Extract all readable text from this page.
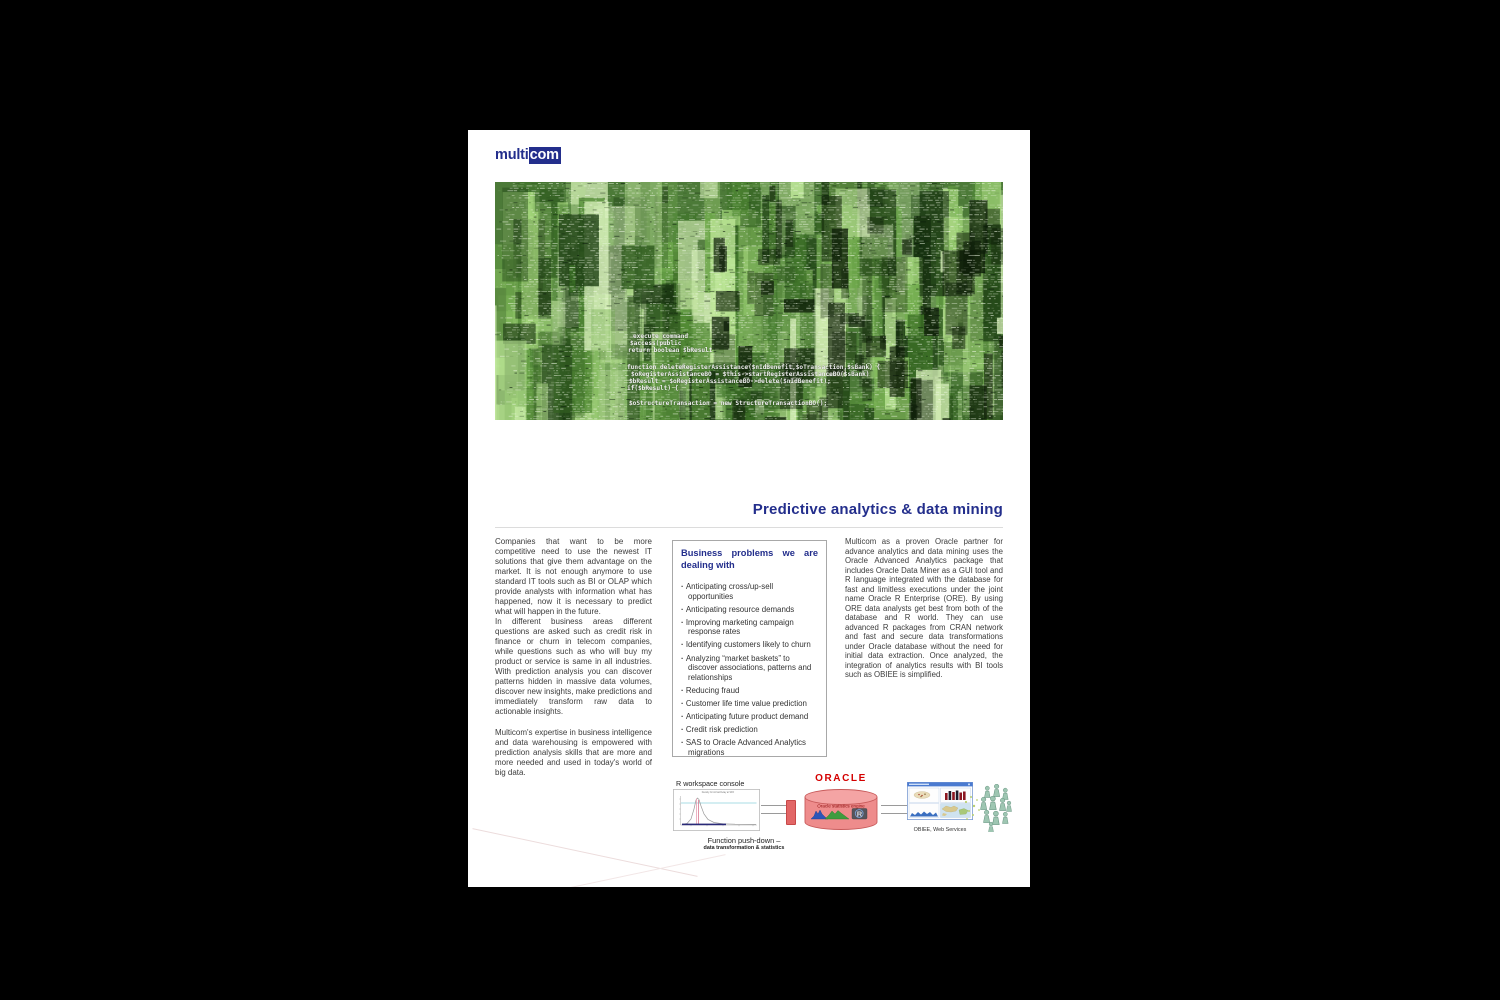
multicom
execute command
$access(public
return boolean $bResult
function deleteRegisterAssistance($nIdBenefit,$oTransaction,$sBank) {
$oRegisterAssistanceBO = $this->startRegisterAssistanceBO($sBank)
$bResult = $oRegisterAssistanceBO->delete($nIdBenefit);
if($bResult) {
$oStructureTransaction = new StructureTransactionBO();
Predictive analytics & data mining

Companies that want to be more competitive need to use the newest IT solutions that give them advantage on the market. It is not enough anymore to use standard IT tools such as BI or OLAP which provide analysts with information what has happened, now it is necessary to predict what will happen in the future.

In different business areas different questions are asked such as credit risk in finance or churn in telecom companies, while questions such as who will buy my product or service is same in all industries. With prediction analysis you can discover patterns hidden in massive data volumes, discover new insights, make predictions and immediately transform raw data to actionable insights.

Multicom's expertise in business intelligence and data warehousing is empowered with prediction analysis skills that are more and more needed and used in today's world of big data.

Business problems we are dealing with
· Anticipating cross/up-sell opportunities
· Anticipating resource demands
· Improving marketing campaign response rates
· Identifying customers likely to churn
· Analyzing “market baskets” to discover associations, patterns and relationships
· Reducing fraud
· Customer life time value prediction
· Anticipating future product demand
· Credit risk prediction
· SAS to Oracle Advanced Analytics migrations

Multicom as a proven Oracle partner for advance analytics and data mining uses the Oracle Advanced Analytics package that includes Oracle Data Miner as a GUI tool and R language integrated with the database for fast and limitless executions under the joint name Oracle R Enterprise (ORE). By using ORE data analysts get best from both of the database and R world. They can use advanced R packages from CRAN network and fast and secure data transformations under Oracle database without the need for initial data extraction. Once analyzed, the integration of analytics results with BI tools such as OBIEE is simplified.

R workspace console
Density for Arrival Delay at SFO
Function push-down –
data transformation & statistics
ORACLE
Oracle statistics engine
R
OBIEE, Web Services
